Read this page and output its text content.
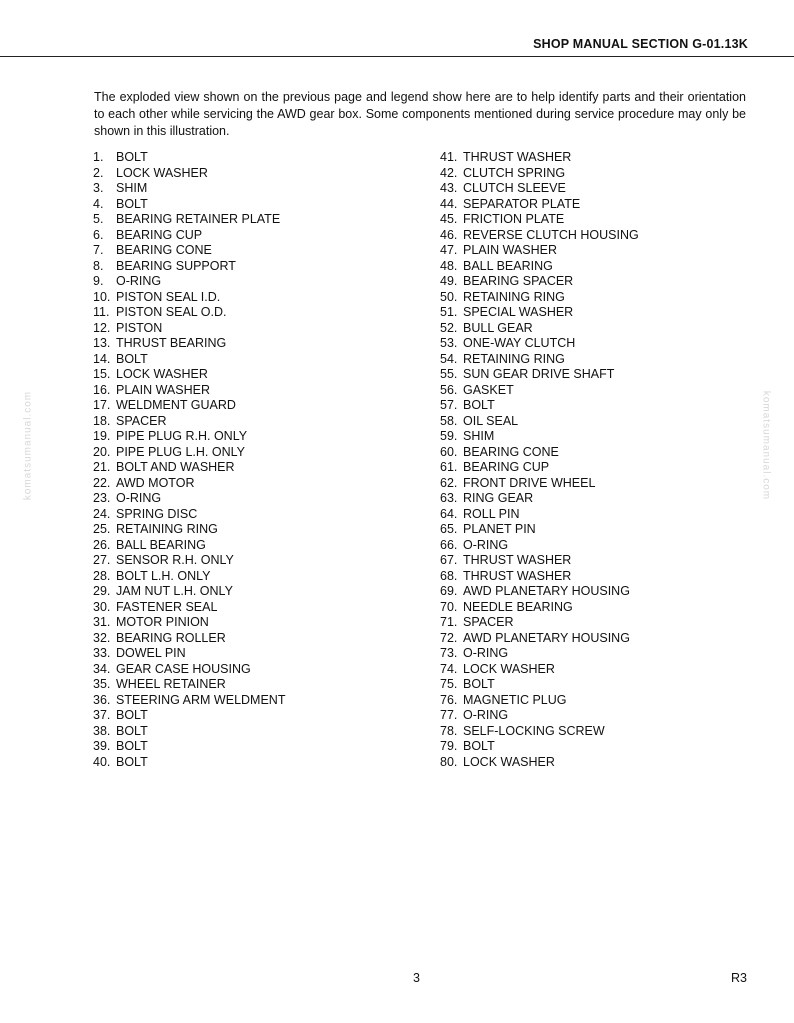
SHOP MANUAL SECTION G-01.13K

The exploded view shown on the previous page and legend show here are to help identify parts and their orientation to each other while servicing the AWD gear box. Some components mentioned during service procedure may only be shown in this illustration.

1.	BOLT
2.	LOCK WASHER
3.	SHIM
4.	BOLT
5.	BEARING RETAINER PLATE
6.	BEARING CUP
7.	BEARING CONE
8.	BEARING SUPPORT
9.	O-RING
10. PISTON SEAL I.D.
11. PISTON SEAL O.D.
12. PISTON
13. THRUST BEARING
14. BOLT
15. LOCK WASHER
16. PLAIN WASHER
17. WELDMENT GUARD
18. SPACER
19. PIPE PLUG R.H. ONLY
20. PIPE PLUG L.H. ONLY
21. BOLT AND WASHER
22. AWD MOTOR
23. O-RING
24. SPRING DISC
25. RETAINING RING
26. BALL BEARING
27. SENSOR R.H. ONLY
28. BOLT L.H. ONLY
29. JAM NUT L.H. ONLY
30. FASTENER SEAL
31. MOTOR PINION
32. BEARING ROLLER
33. DOWEL PIN
34. GEAR CASE HOUSING
35. WHEEL RETAINER
36. STEERING ARM WELDMENT
37. BOLT
38. BOLT
39. BOLT
40. BOLT
41. THRUST WASHER
42. CLUTCH SPRING
43. CLUTCH SLEEVE
44. SEPARATOR PLATE
45. FRICTION PLATE
46. REVERSE CLUTCH HOUSING
47. PLAIN WASHER
48. BALL BEARING
49. BEARING SPACER
50. RETAINING RING
51. SPECIAL WASHER
52. BULL GEAR
53. ONE-WAY CLUTCH
54. RETAINING RING
55. SUN GEAR DRIVE SHAFT
56. GASKET
57. BOLT
58. OIL SEAL
59. SHIM
60. BEARING CONE
61. BEARING CUP
62. FRONT DRIVE WHEEL
63. RING GEAR
64. ROLL PIN
65. PLANET PIN
66. O-RING
67. THRUST WASHER
68. THRUST WASHER
69. AWD PLANETARY HOUSING
70. NEEDLE BEARING
71. SPACER
72. AWD PLANETARY HOUSING
73. O-RING
74. LOCK WASHER
75. BOLT
76. MAGNETIC PLUG
77. O-RING
78. SELF-LOCKING SCREW
79. BOLT
80. LOCK WASHER
komatsumanual.com	komatsumanual.com
3	R3
